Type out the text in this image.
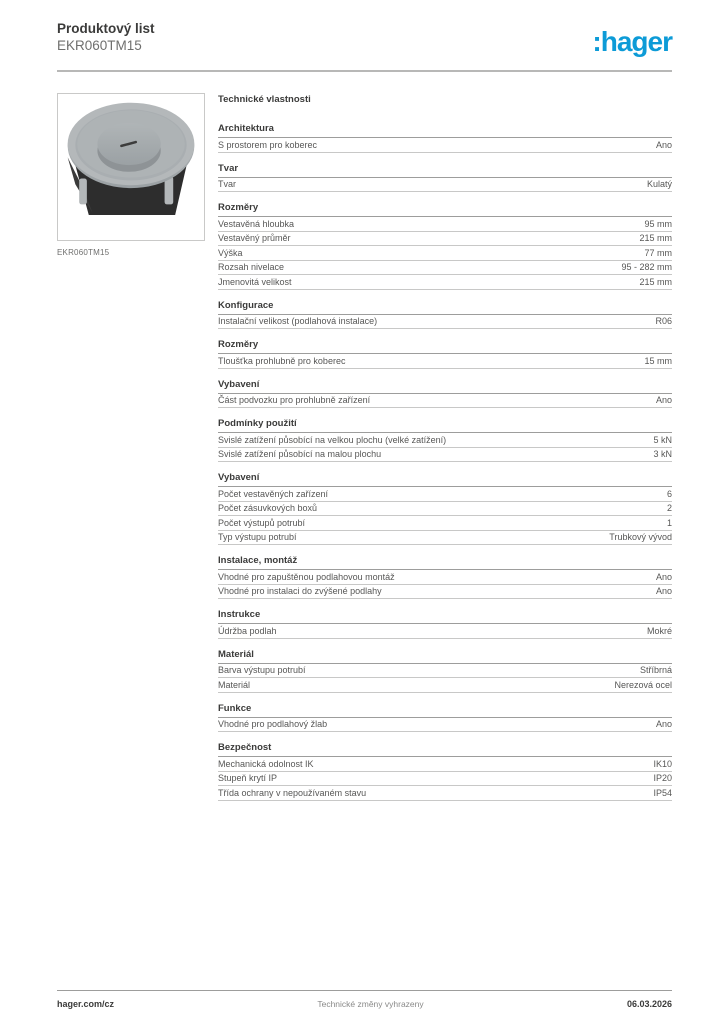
Produktový list
EKR060TM15	:hager
EKR060TM15
Technické vlastnosti
Architektura
S prostorem pro koberec	Ano
Tvar
Tvar	Kulatý
Rozměry
Vestavěná hloubka	95 mm
Vestavěný průměr	215 mm
Výška	77 mm
Rozsah nivelace	95 - 282 mm
Jmenovitá velikost	215 mm
Konfigurace
Instalační velikost (podlahová instalace)	R06
Rozměry
Tloušťka prohlubně pro koberec	15 mm
Vybavení
Část podvozku pro prohlubně zařízení	Ano
Podmínky použití
Svislé zatížení působící na velkou plochu (velké zatížení)	5 kN
Svislé zatížení působící na malou plochu	3 kN
Vybavení
Počet vestavěných zařízení	6
Počet zásuvkových boxů	2
Počet výstupů potrubí	1
Typ výstupu potrubí	Trubkový vývod
Instalace, montáž
Vhodné pro zapuštěnou podlahovou montáž	Ano
Vhodné pro instalaci do zvýšené podlahy	Ano
Instrukce
Údržba podlah	Mokré
Materiál
Barva výstupu potrubí	Stříbrná
Materiál	Nerezová ocel
Funkce
Vhodné pro podlahový žlab	Ano
Bezpečnost
Mechanická odolnost IK	IK10
Stupeň krytí IP	IP20
Třída ochrany v nepoužívaném stavu	IP54
hager.com/cz	Technické změny vyhrazeny	06.03.2026
